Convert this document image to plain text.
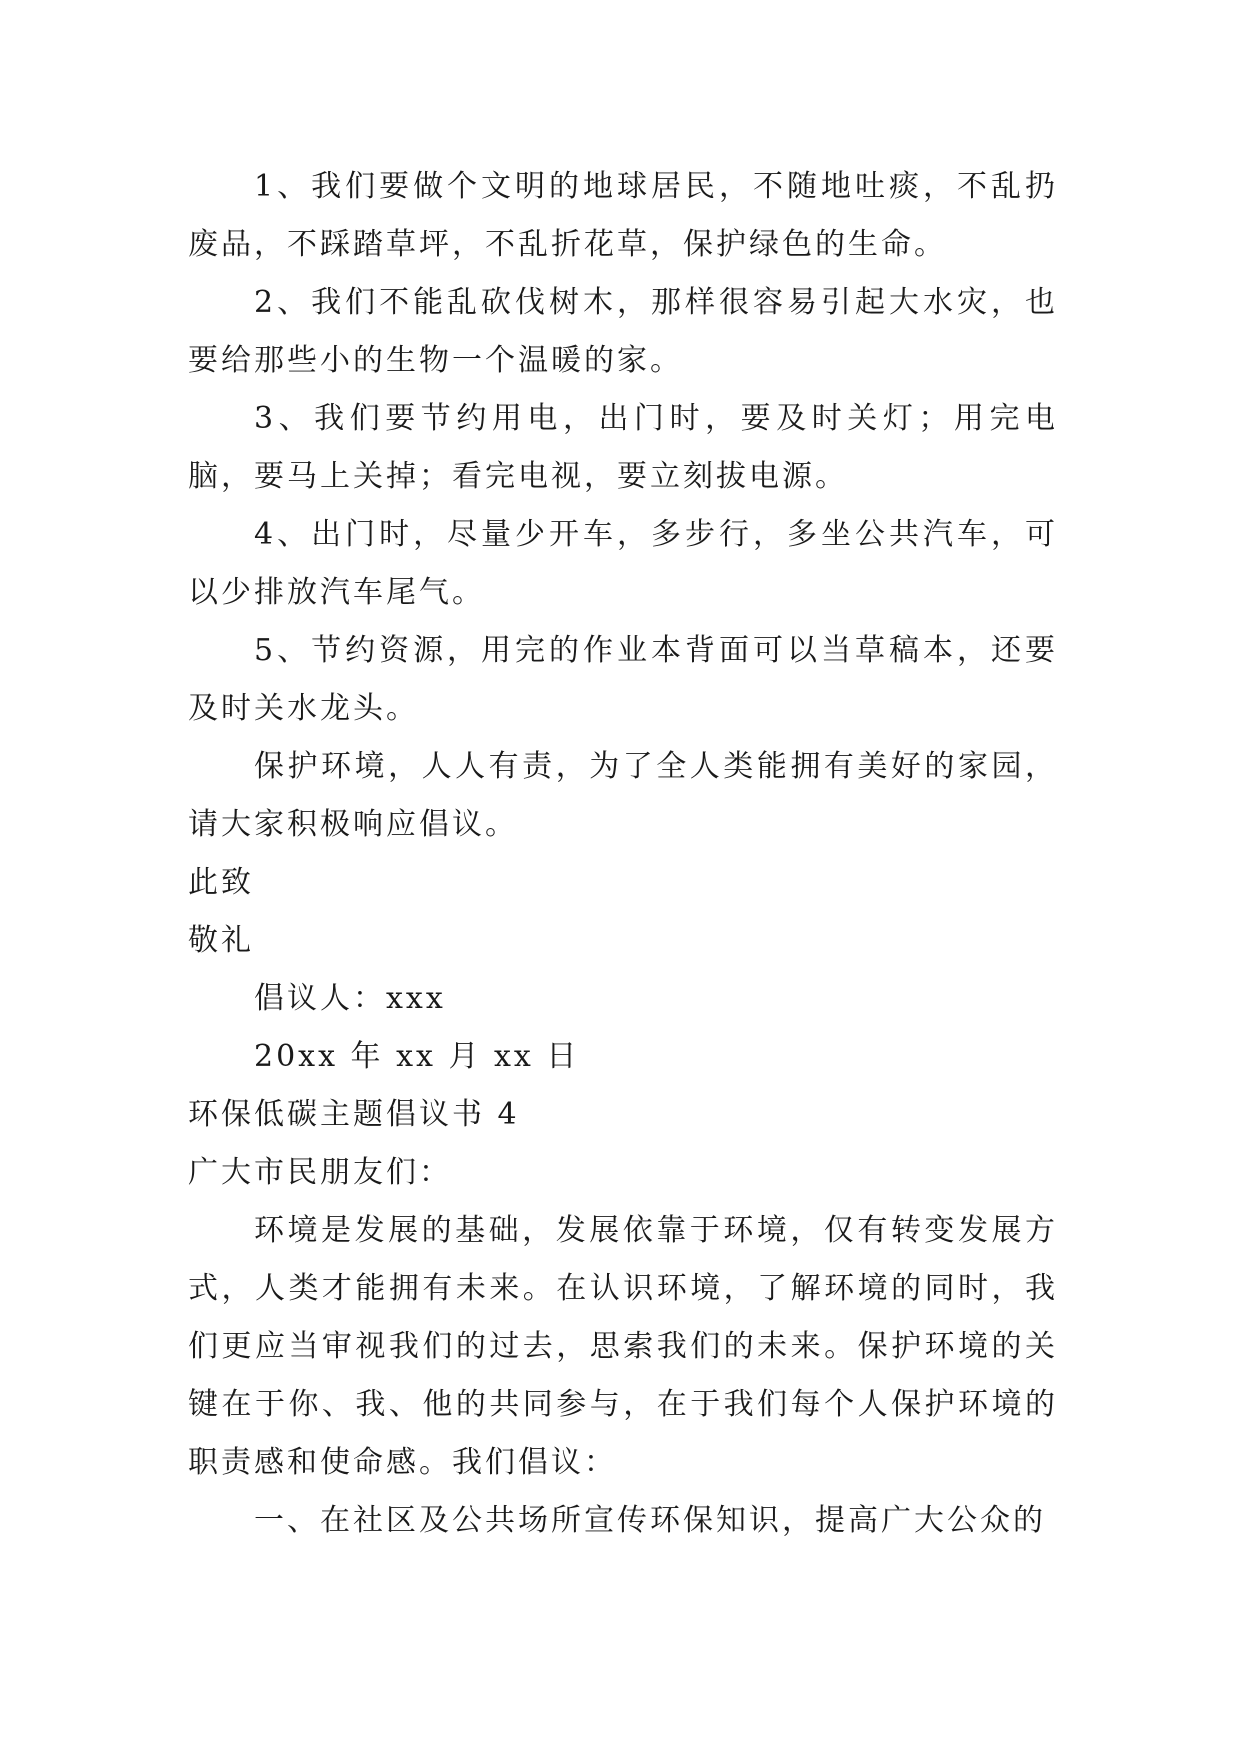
1、我们要做个文明的地球居民，不随地吐痰，不乱扔废品，不踩踏草坪，不乱折花草，保护绿色的生命。

2、我们不能乱砍伐树木，那样很容易引起大水灾，也要给那些小的生物一个温暖的家。

3、我们要节约用电，出门时，要及时关灯；用完电脑，要马上关掉；看完电视，要立刻拔电源。

4、出门时，尽量少开车，多步行，多坐公共汽车，可以少排放汽车尾气。

5、节约资源，用完的作业本背面可以当草稿本，还要及时关水龙头。

保护环境，人人有责，为了全人类能拥有美好的家园，请大家积极响应倡议。

此致

敬礼

倡议人：xxx

20xx 年 xx 月 xx 日

环保低碳主题倡议书 4

广大市民朋友们：

环境是发展的基础，发展依靠于环境，仅有转变发展方式，人类才能拥有未来。在认识环境，了解环境的同时，我们更应当审视我们的过去，思索我们的未来。保护环境的关键在于你、我、他的共同参与，在于我们每个人保护环境的职责感和使命感。我们倡议：

一、在社区及公共场所宣传环保知识，提高广大公众的
